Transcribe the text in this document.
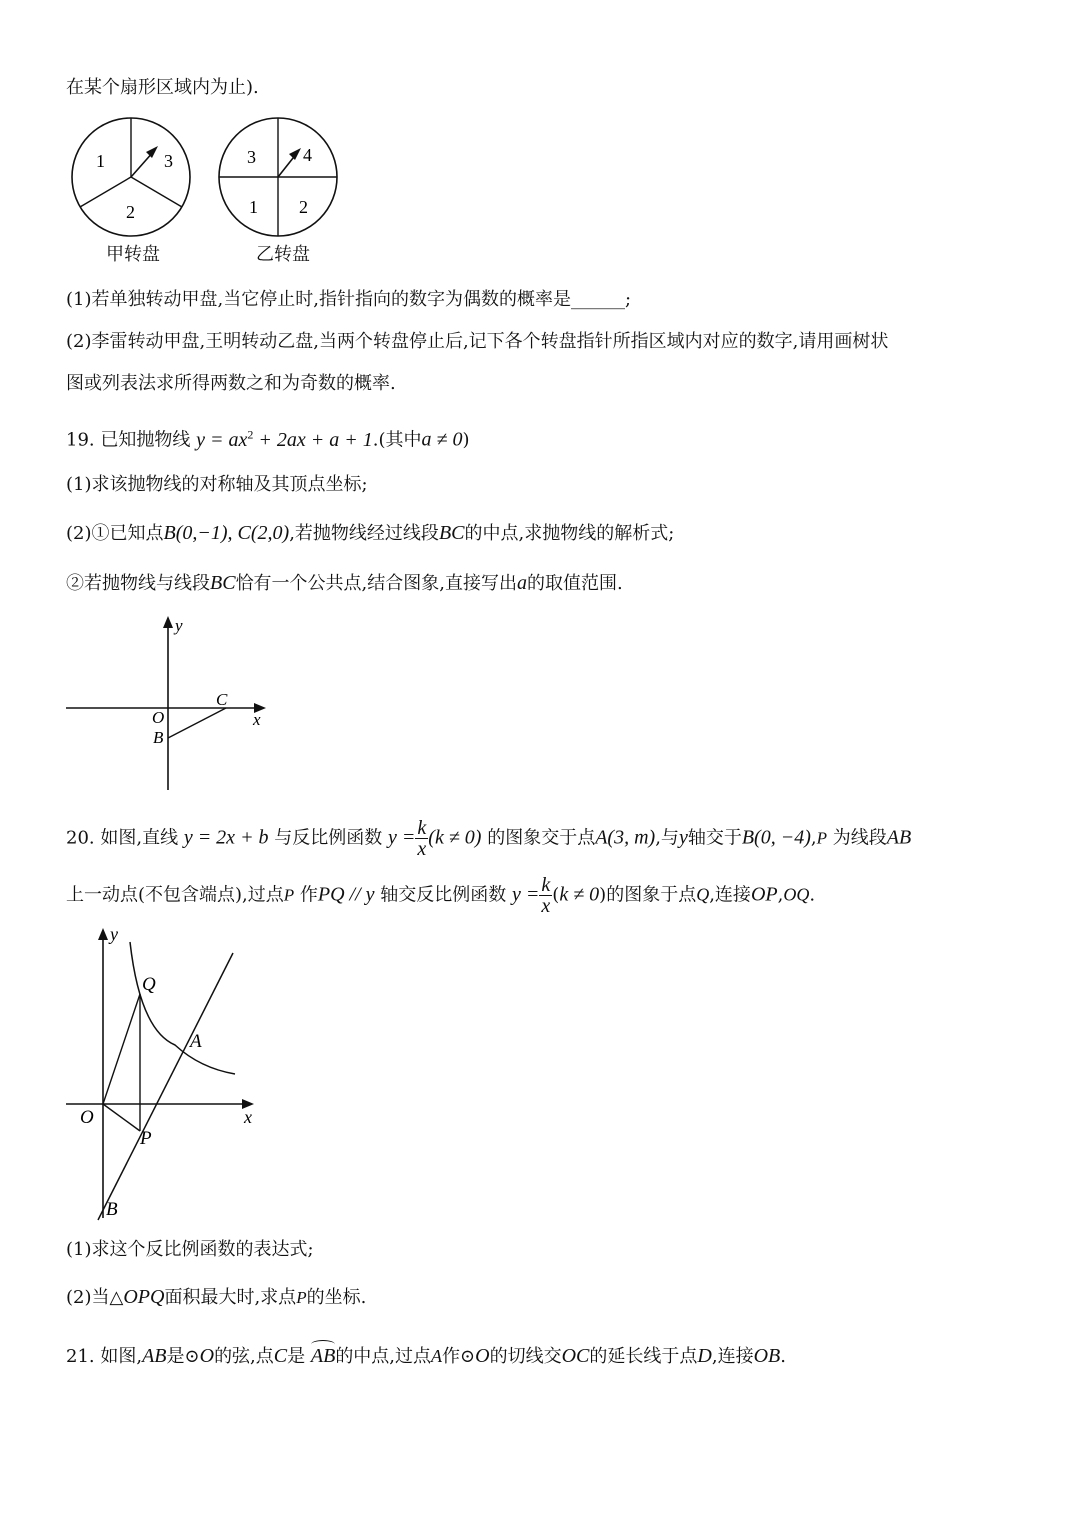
在某个扇形区域内为止).
1	3
2
甲转盘
3	4
1 2
乙转盘
(1)若单独转动甲盘,当它停止时,指针指向的数字为偶数的概率是______;
(2)李雷转动甲盘,王明转动乙盘,当两个转盘停止后,记下各个转盘指针所指区域内对应的数字,请用画树状
图或列表法求所得两数之和为奇数的概率.
19. 已知抛物线 $y = ax^2 + 2ax + a + 1$.(其中a ≠ 0)
(1)求该抛物线的对称轴及其顶点坐标;
(2)①已知点B(0,−1), C(2,0),若抛物线经过线段BC的中点,求抛物线的解析式;
②若抛物线与线段BC恰有一个公共点,结合图象,直接写出a的取值范围.
y
x
O
C
B
20. 如图,直线 y = 2x + b 与反比例函数 $y = \frac{k}{x} (k \ne 0)$ 的图象交于点A(3, m),与y轴交于B(0, −4),P 为线段AB
上一动点(不包含端点),过点P 作PQ // y 轴交反比例函数 $y = \frac{k}{x} (k \ne 0)$的图象于点Q,连接OP,OQ.
y
x
O
Q
A
P
B
(1)求这个反比例函数的表达式;
(2)当△OPQ面积最大时,求点P的坐标.
21. 如图,AB是⊙O的弦,点C是 AB的中点,过点A作⊙O的切线交OC的延长线于点D,连接OB.
